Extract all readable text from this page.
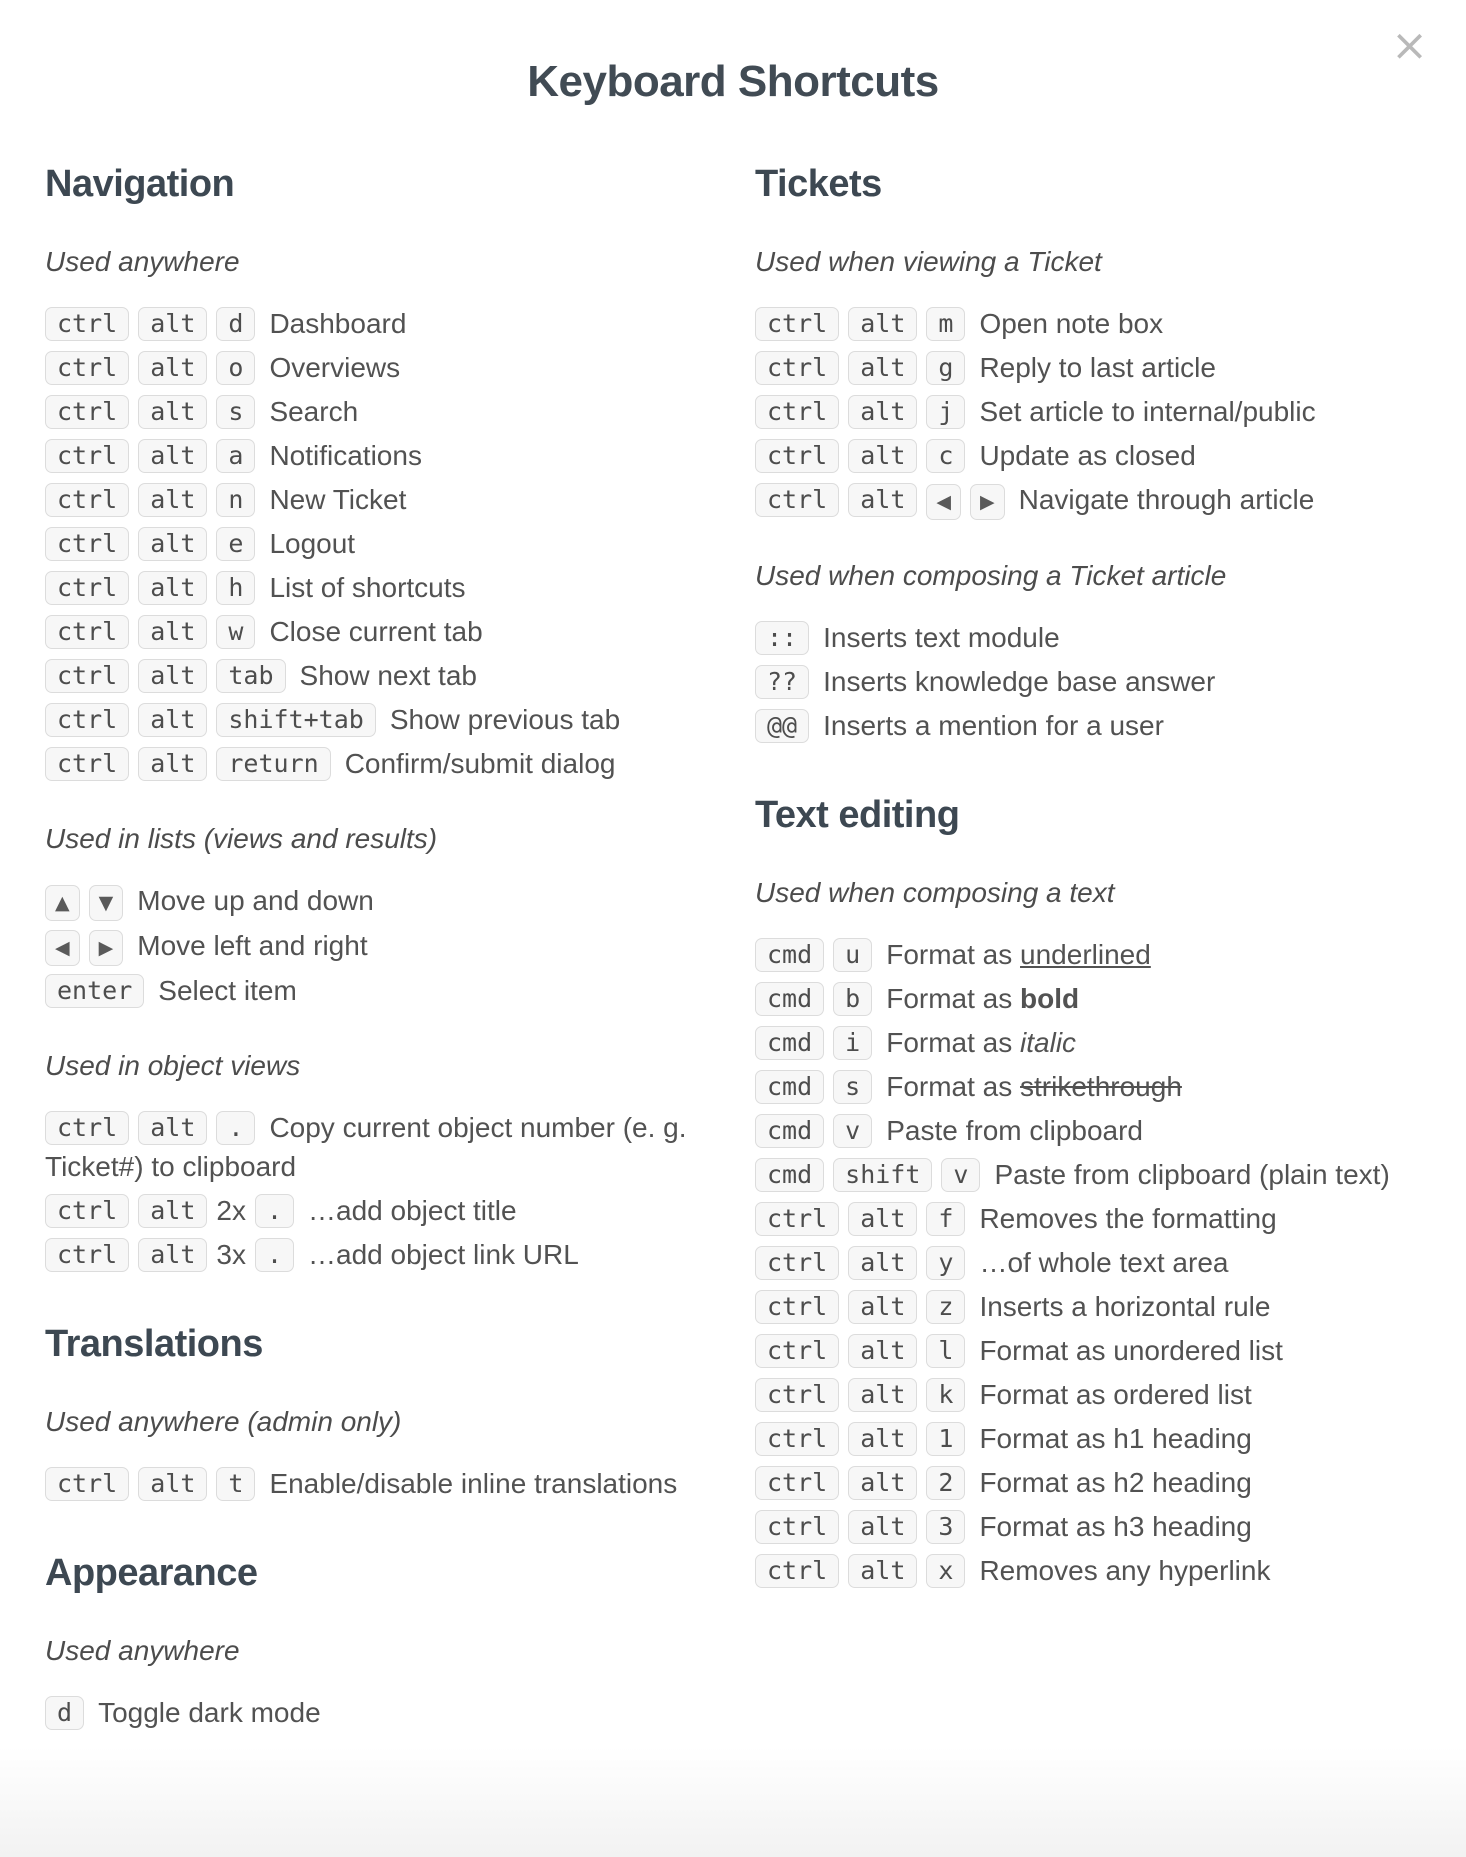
×
Keyboard Shortcuts
Navigation
Used anywhere
ctrl alt d Dashboard
ctrl alt o Overviews
ctrl alt s Search
ctrl alt a Notifications
ctrl alt n New Ticket
ctrl alt e Logout
ctrl alt h List of shortcuts
ctrl alt w Close current tab
ctrl alt tab Show next tab
ctrl alt shift+tab Show previous tab
ctrl alt return Confirm/submit dialog
Used in lists (views and results)
▲ ▼ Move up and down
◀ ▶ Move left and right
enter Select item
Used in object views
ctrl alt . Copy current object number (e. g. Ticket#) to clipboard
ctrl alt 2x . …add object title
ctrl alt 3x . …add object link URL
Translations
Used anywhere (admin only)
ctrl alt t Enable/disable inline translations
Appearance
Used anywhere
d Toggle dark mode
Tickets
Used when viewing a Ticket
ctrl alt m Open note box
ctrl alt g Reply to last article
ctrl alt j Set article to internal/public
ctrl alt c Update as closed
ctrl alt ◀ ▶ Navigate through article
Used when composing a Ticket article
:: Inserts text module
?? Inserts knowledge base answer
@@ Inserts a mention for a user
Text editing
Used when composing a text
cmd u Format as underlined
cmd b Format as bold
cmd i Format as italic
cmd s Format as strikethrough
cmd v Paste from clipboard
cmd shift v Paste from clipboard (plain text)
ctrl alt f Removes the formatting
ctrl alt y …of whole text area
ctrl alt z Inserts a horizontal rule
ctrl alt l Format as unordered list
ctrl alt k Format as ordered list
ctrl alt 1 Format as h1 heading
ctrl alt 2 Format as h2 heading
ctrl alt 3 Format as h3 heading
ctrl alt x Removes any hyperlink
